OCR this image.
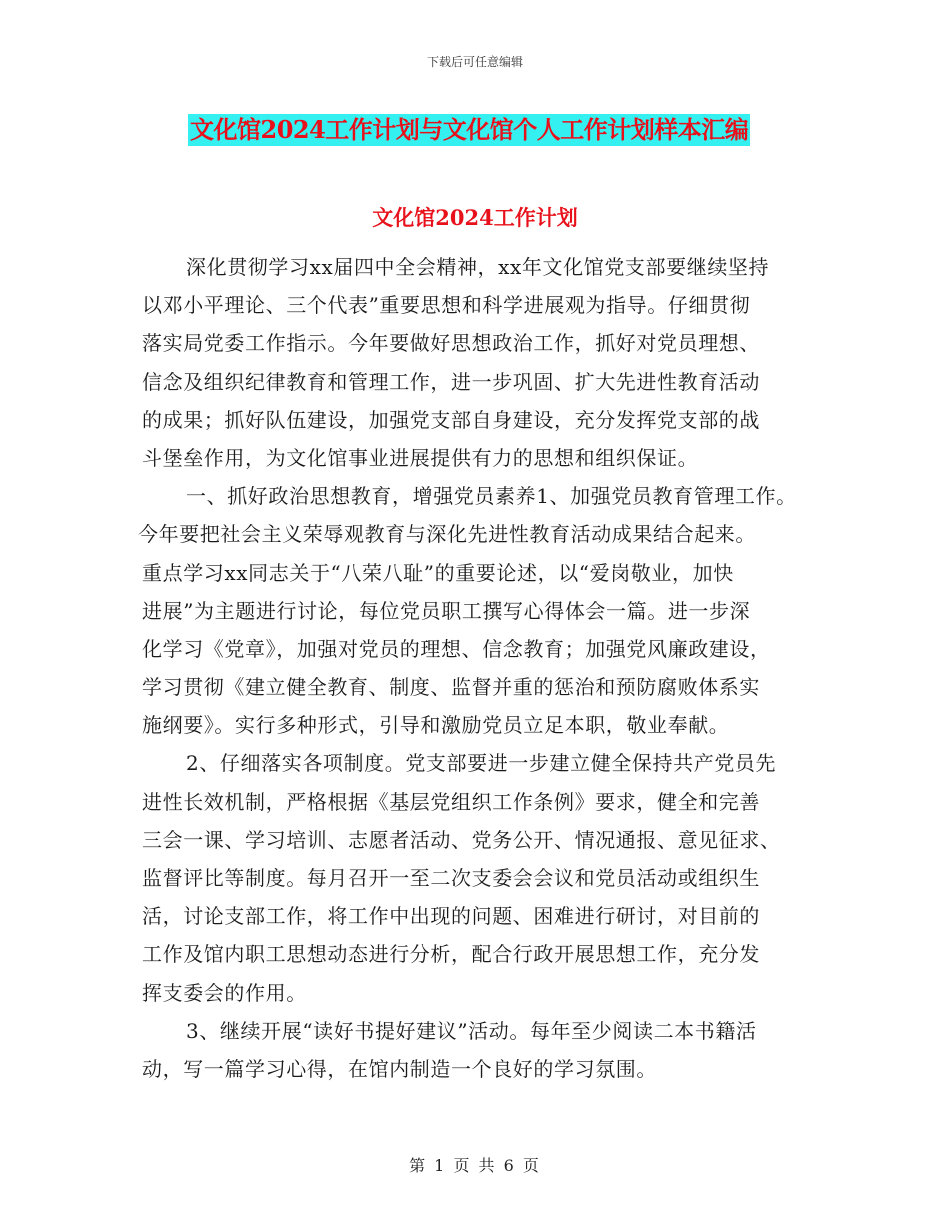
下载后可任意编辑
文化馆2024工作计划与文化馆个人工作计划样本汇编
文化馆2024工作计划
深化贯彻学习xx届四中全会精神，xx年文化馆党支部要继续坚持
以邓小平理论、三个代表”重要思想和科学进展观为指导。仔细贯彻
落实局党委工作指示。今年要做好思想政治工作，抓好对党员理想、
信念及组织纪律教育和管理工作，进一步巩固、扩大先进性教育活动
的成果；抓好队伍建设，加强党支部自身建设，充分发挥党支部的战
斗堡垒作用，为文化馆事业进展提供有力的思想和组织保证。
一、抓好政治思想教育，增强党员素养1、加强党员教育管理工作。
今年要把社会主义荣辱观教育与深化先进性教育活动成果结合起来。
重点学习xx同志关于“八荣八耻”的重要论述，以“爱岗敬业，加快
进展”为主题进行讨论，每位党员职工撰写心得体会一篇。进一步深
化学习《党章》，加强对党员的理想、信念教育；加强党风廉政建设，
学习贯彻《建立健全教育、制度、监督并重的惩治和预防腐败体系实
施纲要》。实行多种形式，引导和激励党员立足本职，敬业奉献。
2、仔细落实各项制度。党支部要进一步建立健全保持共产党员先
进性长效机制，严格根据《基层党组织工作条例》要求，健全和完善
三会一课、学习培训、志愿者活动、党务公开、情况通报、意见征求、
监督评比等制度。每月召开一至二次支委会会议和党员活动或组织生
活，讨论支部工作，将工作中出现的问题、困难进行研讨，对目前的
工作及馆内职工思想动态进行分析，配合行政开展思想工作，充分发
挥支委会的作用。
3、继续开展“读好书提好建议”活动。每年至少阅读二本书籍活
动，写一篇学习心得，在馆内制造一个良好的学习氛围。
第 1 页 共 6 页
